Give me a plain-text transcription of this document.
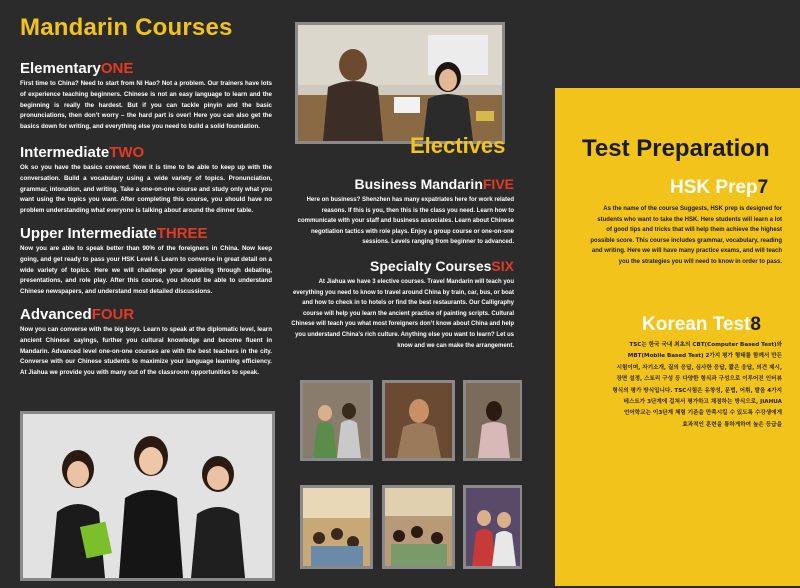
Mandarin Courses
ElementaryONE

First time to China? Need to start from Ni Hao? Not a problem. Our trainers have lots of experience teaching beginners. Chinese is not an easy language to learn and the beginning is really the hardest. But if you can tackle pinyin and the basic pronunciations, then don’t worry – the hard part is over! Here you can also get the basics down for writing, and everything else you need to build a solid foundation.

IntermediateTWO

Ok so you have the basics covered. Now it is time to be able to keep up with the conversation. Build a vocabulary using a wide variety of topics. Pronunciation, grammar, intonation, and writing. Take a one-on-one course and study only what you want using the topics you want. After completing this course, you should have no problem understanding what everyone is talking about around the dinner table.

Upper IntermediateTHREE

Now you are able to speak better than 90% of the foreigners in China. Now keep going, and get ready to pass your HSK Level 6. Learn to converse in great detail on a wide variety of topics. Here we will challenge your speaking through debating, presentations, and role play. After this course, you should be able to understand Chinese newspapers, and understand most detailed discussions.

AdvancedFOUR

Now you can converse with the big boys. Learn to speak at the diplomatic level, learn ancient Chinese sayings, further you cultural knowledge and become fluent in Mandarin. Advanced level one-on-one courses are with the best teachers in the city. Converse with our Chinese students to maximize your language learning efficiency. At Jiahua we provide you with many out of the classroom opportunities to speak.

Electives
Business MandarinFIVE

Here on business? Shenzhen has many expatriates here for work related reasons. If this is you, then this is the class you need. Learn how to communicate with your staff and business associates. Learn about Chinese negotiation tactics with role plays. Enjoy a group course or one-on-one sessions. Levels ranging from beginner to advanced.

Specialty CoursesSIX

At Jiahua we have 3 elective courses. Travel Mandarin will teach you everything you need to know to travel around China by train, car, bus, or boat and how to check in to hotels or find the best restaurants. Our Calligraphy course will help you learn the ancient practice of painting scripts. Cultural Chinese will teach you what most foreigners don’t know about China and help you understand China’s rich culture. Anything else you want to learn? Let us know and we can make the arrangement.

Test Preparation
HSK Prep7
As the name of the course Suggests, HSK prep is designed for students who want to take the HSK. Here students will learn a lot of good tips and tricks that will help them achieve the highest possible score. This course includes grammar, vocabulary, reading and writing. Here we will have many practice exams, and will teach you the strategies you will need to know in order to pass.
Korean Test8
TSC는 한국 국내 최초의 CBT(Computer Based Test)와
MBT(Mobile Based Test) 2가지 평가 형태를 함께서 만든
시험이며, 자기소개, 질의 응답, 심사한 응답, 짧은 응답, 의견 제시,
장면 설정, 스토리 구성 등 다양한 형식과 구성으로 이루어진 인터뷰
형식의 평가 방식입니다. TSC시험은 유창성, 문법, 어휘, 발음 4가지
테스트가 3단계에 걸쳐서 평가하고 채점하는 방식으로, JIAHUA
언어학교는 이3단계 체험 기준을 만족시킬 수 있도록 수강생에게
효과적인 훈련을 통하게하여 높은 등급을
